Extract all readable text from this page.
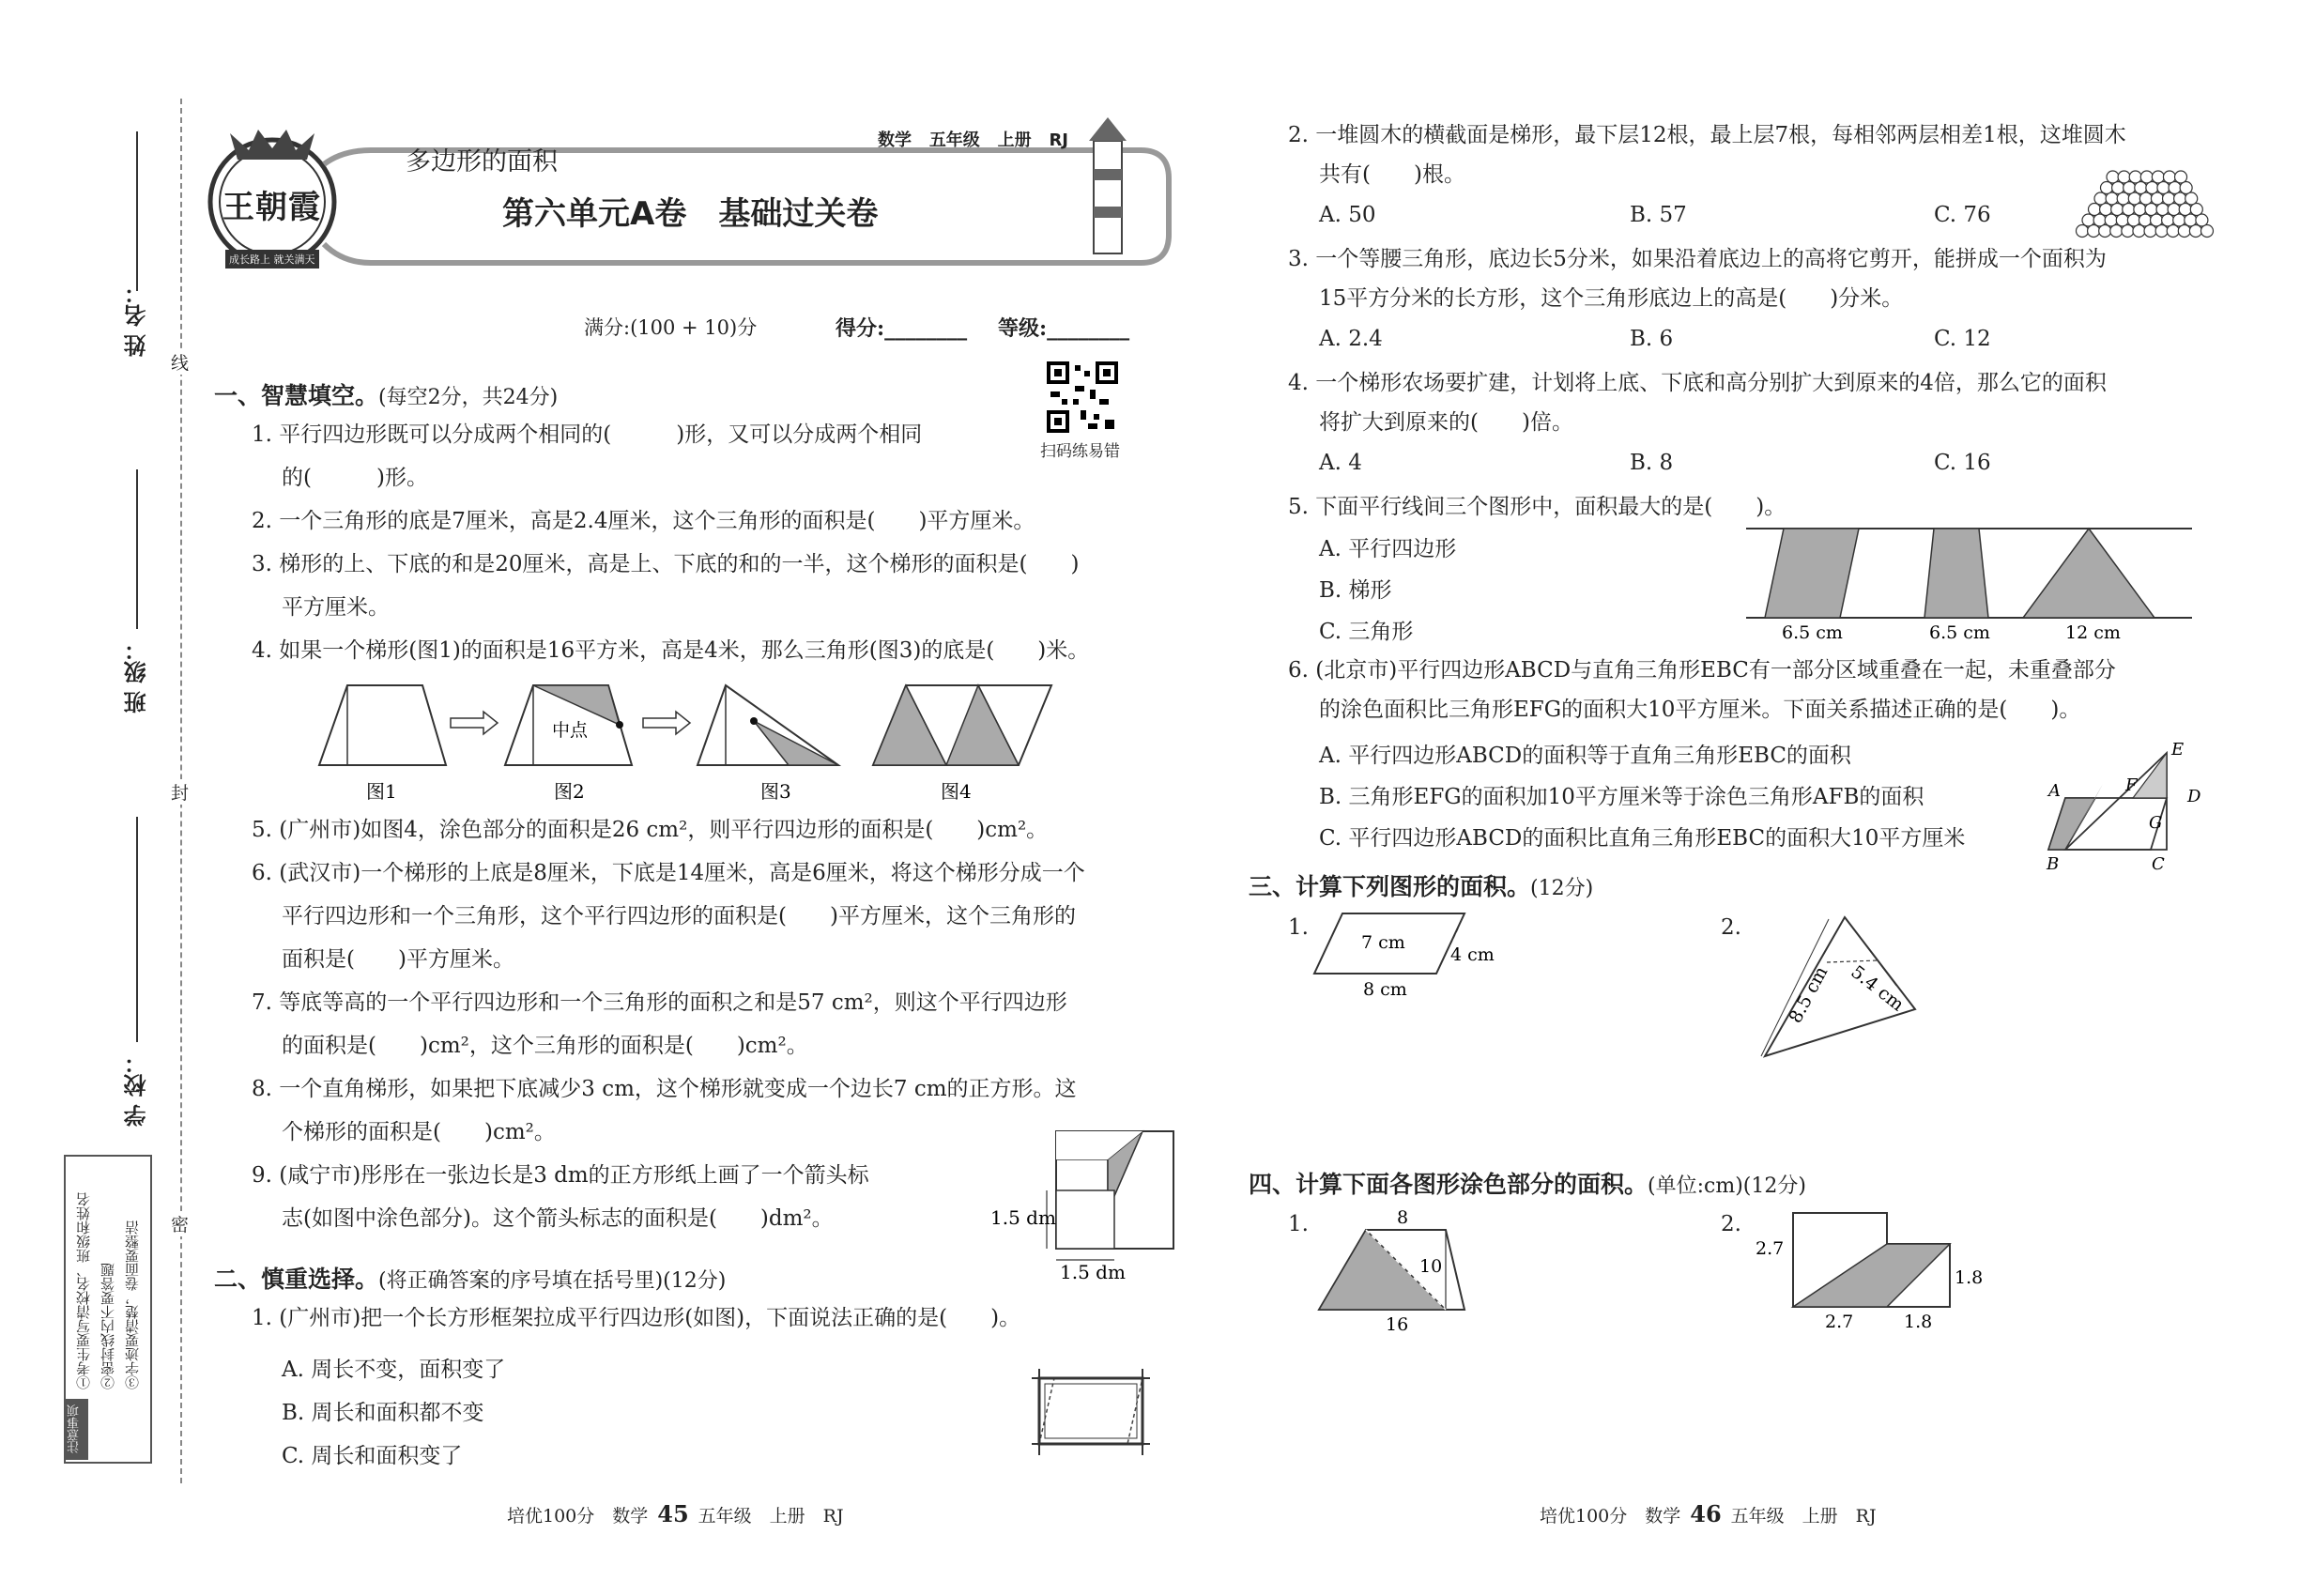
姓 名：
班 级：
学 校：
线
封
密
注意事项
①考生要写清校名、班级和姓名 ②密封线内不要答题 ③字迹要清楚，卷面要整洁
王朝霞
成长路上 就关满天
多边形的面积
数学 五年级 上册 RJ
第六单元A卷　基础过关卷
满分:(100 + 10)分	得分:________ 等级:________
扫码练易错
一、智慧填空。(每空2分，共24分)
1. 平行四边形既可以分成两个相同的(　　　)形，又可以分成两个相同
的(　　　)形。
2. 一个三角形的底是7厘米，高是2.4厘米，这个三角形的面积是(　　)平方厘米。
3. 梯形的上、下底的和是20厘米，高是上、下底的和的一半，这个梯形的面积是(　　)
平方厘米。
4. 如果一个梯形(图1)的面积是16平方米，高是4米，那么三角形(图3)的底是(　　)米。
中点
图1	图2	图3	图4
5. (广州市)如图4，涂色部分的面积是26 cm²，则平行四边形的面积是(　　)cm²。
6. (武汉市)一个梯形的上底是8厘米，下底是14厘米，高是6厘米，将这个梯形分成一个
平行四边形和一个三角形，这个平行四边形的面积是(　　)平方厘米，这个三角形的
面积是(　　)平方厘米。
7. 等底等高的一个平行四边形和一个三角形的面积之和是57 cm²，则这个平行四边形
的面积是(　　)cm²，这个三角形的面积是(　　)cm²。
8. 一个直角梯形，如果把下底减少3 cm，这个梯形就变成一个边长7 cm的正方形。这
个梯形的面积是(　　)cm²。
9. (咸宁市)彤彤在一张边长是3 dm的正方形纸上画了一个箭头标
志(如图中涂色部分)。这个箭头标志的面积是(　　)dm²。	1.5 dm
1.5 dm
二、慎重选择。(将正确答案的序号填在括号里)(12分)
1. (广州市)把一个长方形框架拉成平行四边形(如图)，下面说法正确的是(　　)。
A. 周长不变，面积变了
B. 周长和面积都不变
C. 周长和面积变了
2. 一堆圆木的横截面是梯形，最下层12根，最上层7根，每相邻两层相差1根，这堆圆木
共有(　　)根。
A. 50	B. 57	C. 76
3. 一个等腰三角形，底边长5分米，如果沿着底边上的高将它剪开，能拼成一个面积为
15平方分米的长方形，这个三角形底边上的高是(　　)分米。
A. 2.4	B. 6	C. 12
4. 一个梯形农场要扩建，计划将上底、下底和高分别扩大到原来的4倍，那么它的面积
将扩大到原来的(　　)倍。
A. 4	B. 8	C. 16
5. 下面平行线间三个图形中，面积最大的是(　　)。
A. 平行四边形
B. 梯形
C. 三角形	6.5 cm	6.5 cm	12 cm
6. (北京市)平行四边形ABCD与直角三角形EBC有一部分区域重叠在一起，未重叠部分
的涂色面积比三角形EFG的面积大10平方厘米。下面关系描述正确的是(　　)。
A. 平行四边形ABCD的面积等于直角三角形EBC的面积
B. 三角形EFG的面积加10平方厘米等于涂色三角形AFB的面积
C. 平行四边形ABCD的面积比直角三角形EBC的面积大10平方厘米
A	F
E
D
G
B	C
三、计算下列图形的面积。(12分)
1.
7 cm
4 cm
8 cm
2.
8.5 cm 5.4 cm
四、计算下面各图形涂色部分的面积。(单位:cm)(12分)
1.	8
10
16
2.
2.7
1.8
2.7	1.8
培优100分　数学 45 五年级　上册　RJ	培优100分　数学 46 五年级　上册　RJ
